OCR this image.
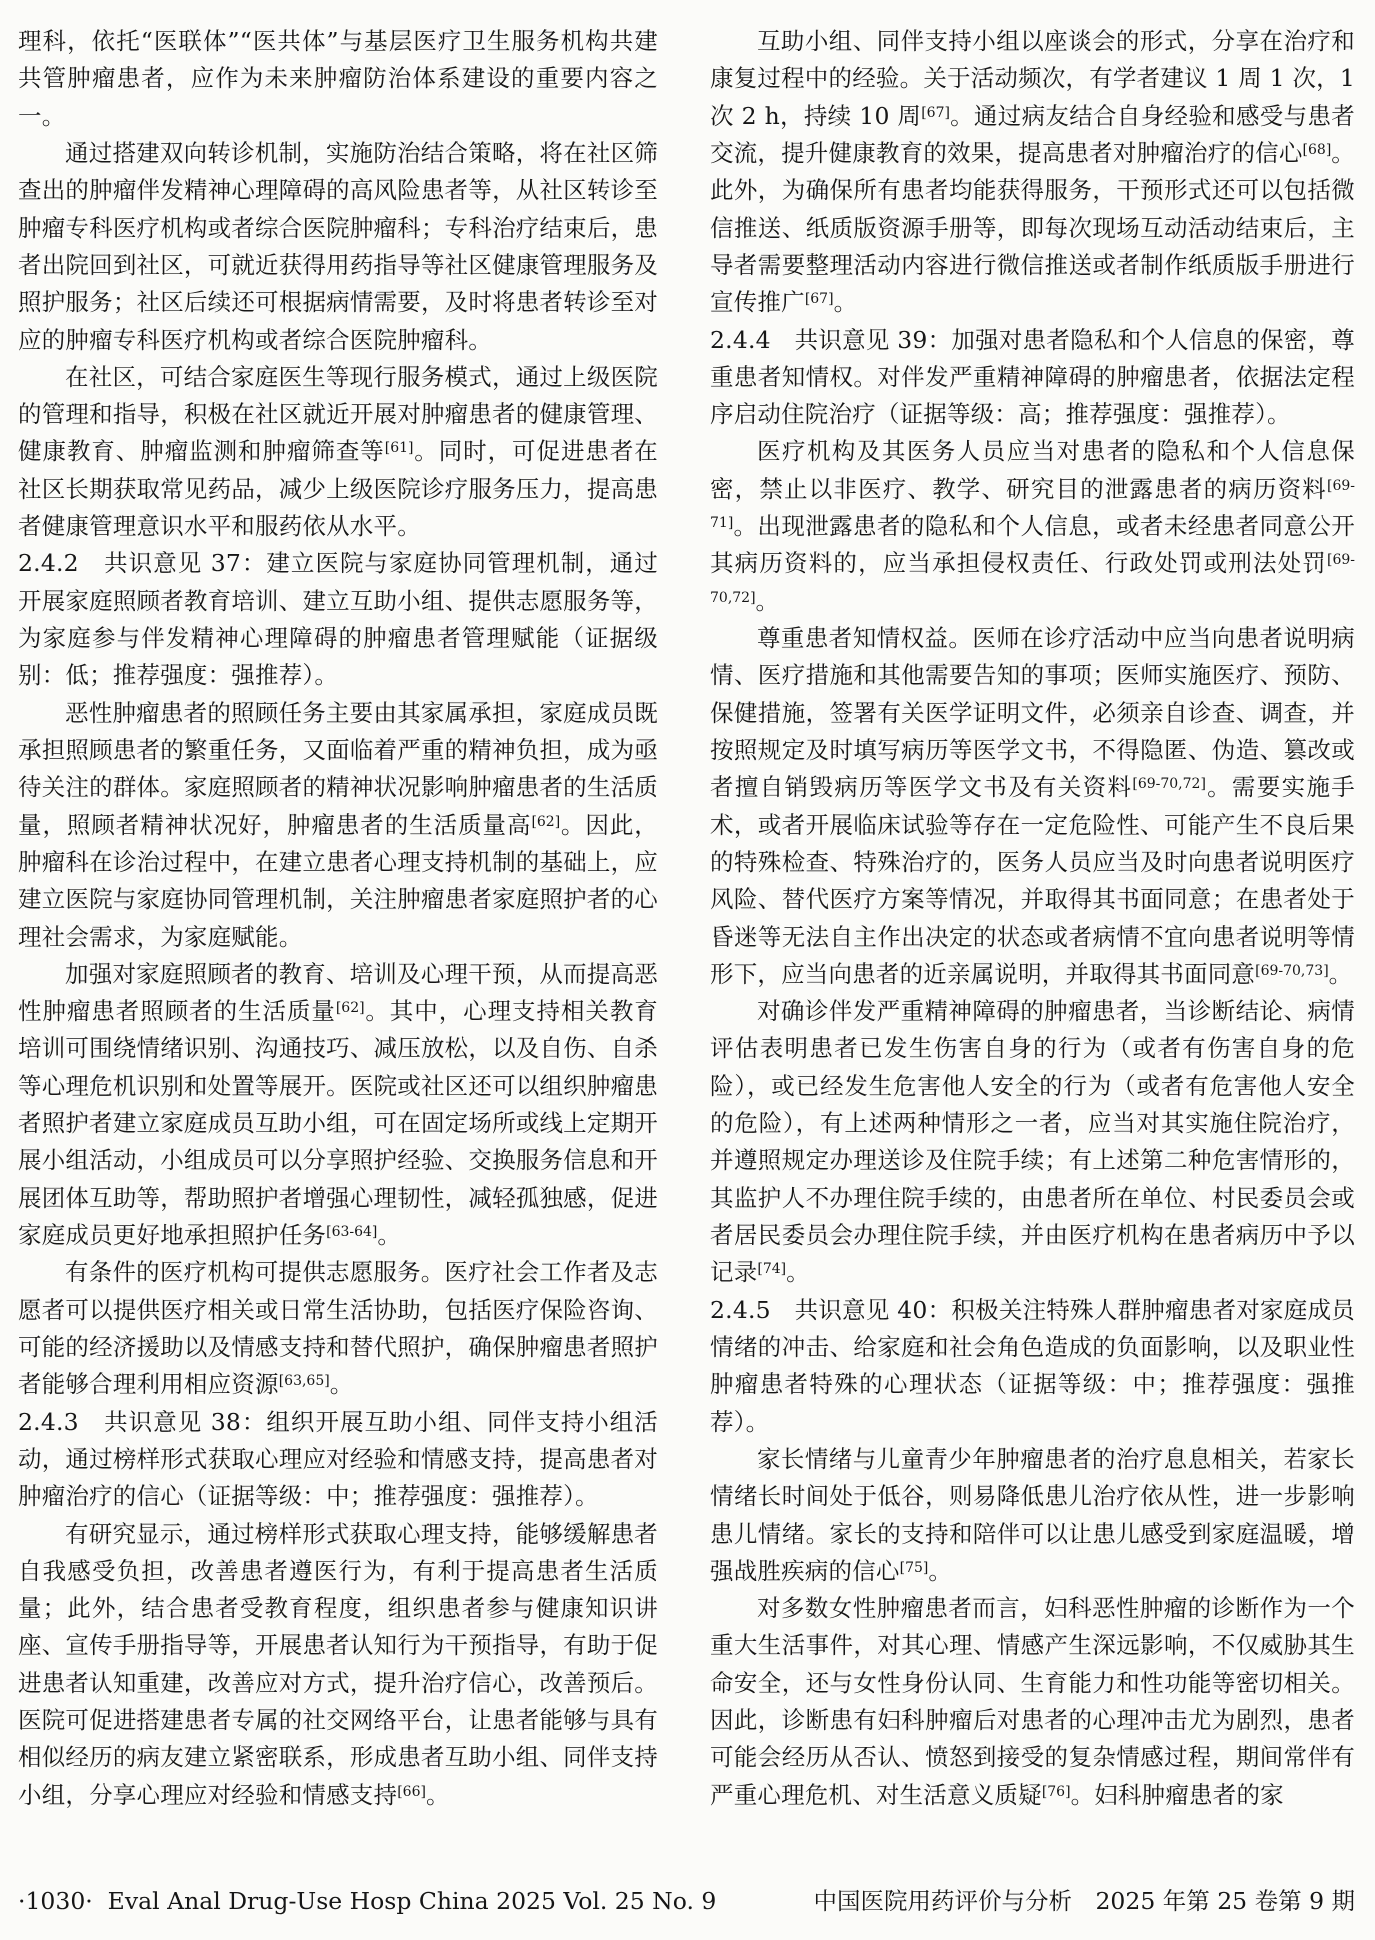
理科，依托“医联体”“医共体”与基层医疗卫生服务机构共建共管肿瘤患者，应作为未来肿瘤防治体系建设的重要内容之一。

通过搭建双向转诊机制，实施防治结合策略，将在社区筛查出的肿瘤伴发精神心理障碍的高风险患者等，从社区转诊至肿瘤专科医疗机构或者综合医院肿瘤科；专科治疗结束后，患者出院回到社区，可就近获得用药指导等社区健康管理服务及照护服务；社区后续还可根据病情需要，及时将患者转诊至对应的肿瘤专科医疗机构或者综合医院肿瘤科。

在社区，可结合家庭医生等现行服务模式，通过上级医院的管理和指导，积极在社区就近开展对肿瘤患者的健康管理、健康教育、肿瘤监测和肿瘤筛查等[61]。同时，可促进患者在社区长期获取常见药品，减少上级医院诊疗服务压力，提高患者健康管理意识水平和服药依从水平。

2.4.2　共识意见 37：建立医院与家庭协同管理机制，通过开展家庭照顾者教育培训、建立互助小组、提供志愿服务等，为家庭参与伴发精神心理障碍的肿瘤患者管理赋能（证据级别：低；推荐强度：强推荐）。

恶性肿瘤患者的照顾任务主要由其家属承担，家庭成员既承担照顾患者的繁重任务，又面临着严重的精神负担，成为亟待关注的群体。家庭照顾者的精神状况影响肿瘤患者的生活质量，照顾者精神状况好，肿瘤患者的生活质量高[62]。因此，肿瘤科在诊治过程中，在建立患者心理支持机制的基础上，应建立医院与家庭协同管理机制，关注肿瘤患者家庭照护者的心理社会需求，为家庭赋能。

加强对家庭照顾者的教育、培训及心理干预，从而提高恶性肿瘤患者照顾者的生活质量[62]。其中，心理支持相关教育培训可围绕情绪识别、沟通技巧、减压放松，以及自伤、自杀等心理危机识别和处置等展开。医院或社区还可以组织肿瘤患者照护者建立家庭成员互助小组，可在固定场所或线上定期开展小组活动，小组成员可以分享照护经验、交换服务信息和开展团体互助等，帮助照护者增强心理韧性，减轻孤独感，促进家庭成员更好地承担照护任务[63-64]。

有条件的医疗机构可提供志愿服务。医疗社会工作者及志愿者可以提供医疗相关或日常生活协助，包括医疗保险咨询、可能的经济援助以及情感支持和替代照护，确保肿瘤患者照护者能够合理利用相应资源[63,65]。

2.4.3　共识意见 38：组织开展互助小组、同伴支持小组活动，通过榜样形式获取心理应对经验和情感支持，提高患者对肿瘤治疗的信心（证据等级：中；推荐强度：强推荐）。

有研究显示，通过榜样形式获取心理支持，能够缓解患者自我感受负担，改善患者遵医行为，有利于提高患者生活质量；此外，结合患者受教育程度，组织患者参与健康知识讲座、宣传手册指导等，开展患者认知行为干预指导，有助于促进患者认知重建，改善应对方式，提升治疗信心，改善预后。医院可促进搭建患者专属的社交网络平台，让患者能够与具有相似经历的病友建立紧密联系，形成患者互助小组、同伴支持小组，分享心理应对经验和情感支持[66]。

互助小组、同伴支持小组以座谈会的形式，分享在治疗和康复过程中的经验。关于活动频次，有学者建议 1 周 1 次，1 次 2 h，持续 10 周[67]。通过病友结合自身经验和感受与患者交流，提升健康教育的效果，提高患者对肿瘤治疗的信心[68]。此外，为确保所有患者均能获得服务，干预形式还可以包括微信推送、纸质版资源手册等，即每次现场互动活动结束后，主导者需要整理活动内容进行微信推送或者制作纸质版手册进行宣传推广[67]。

2.4.4　共识意见 39：加强对患者隐私和个人信息的保密，尊重患者知情权。对伴发严重精神障碍的肿瘤患者，依据法定程序启动住院治疗（证据等级：高；推荐强度：强推荐）。

医疗机构及其医务人员应当对患者的隐私和个人信息保密，禁止以非医疗、教学、研究目的泄露患者的病历资料[69-71]。出现泄露患者的隐私和个人信息，或者未经患者同意公开其病历资料的，应当承担侵权责任、行政处罚或刑法处罚[69-70,72]。

尊重患者知情权益。医师在诊疗活动中应当向患者说明病情、医疗措施和其他需要告知的事项；医师实施医疗、预防、保健措施，签署有关医学证明文件，必须亲自诊查、调查，并按照规定及时填写病历等医学文书，不得隐匿、伪造、篡改或者擅自销毁病历等医学文书及有关资料[69-70,72]。需要实施手术，或者开展临床试验等存在一定危险性、可能产生不良后果的特殊检查、特殊治疗的，医务人员应当及时向患者说明医疗风险、替代医疗方案等情况，并取得其书面同意；在患者处于昏迷等无法自主作出决定的状态或者病情不宜向患者说明等情形下，应当向患者的近亲属说明，并取得其书面同意[69-70,73]。

对确诊伴发严重精神障碍的肿瘤患者，当诊断结论、病情评估表明患者已发生伤害自身的行为（或者有伤害自身的危险），或已经发生危害他人安全的行为（或者有危害他人安全的危险），有上述两种情形之一者，应当对其实施住院治疗，并遵照规定办理送诊及住院手续；有上述第二种危害情形的，其监护人不办理住院手续的，由患者所在单位、村民委员会或者居民委员会办理住院手续，并由医疗机构在患者病历中予以记录[74]。

2.4.5　共识意见 40：积极关注特殊人群肿瘤患者对家庭成员情绪的冲击、给家庭和社会角色造成的负面影响，以及职业性肿瘤患者特殊的心理状态（证据等级：中；推荐强度：强推荐）。

家长情绪与儿童青少年肿瘤患者的治疗息息相关，若家长情绪长时间处于低谷，则易降低患儿治疗依从性，进一步影响患儿情绪。家长的支持和陪伴可以让患儿感受到家庭温暖，增强战胜疾病的信心[75]。

对多数女性肿瘤患者而言，妇科恶性肿瘤的诊断作为一个重大生活事件，对其心理、情感产生深远影响，不仅威胁其生命安全，还与女性身份认同、生育能力和性功能等密切相关。因此，诊断患有妇科肿瘤后对患者的心理冲击尤为剧烈，患者可能会经历从否认、愤怒到接受的复杂情感过程，期间常伴有严重心理危机、对生活意义质疑[76]。妇科肿瘤患者的家

·1030·  Eval Anal Drug-Use Hosp China 2025 Vol. 25 No. 9	中国医院用药评价与分析　2025 年第 25 卷第 9 期
